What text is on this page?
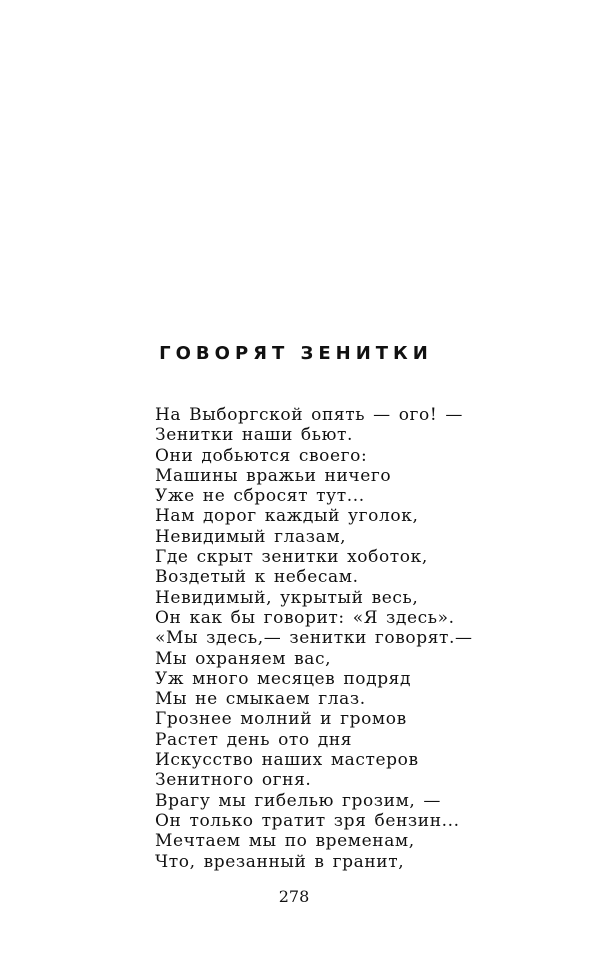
ГОВОРЯТ ЗЕНИТКИ
На Выборгской опять — ого! —
Зенитки наши бьют.
Они добьются своего:
Машины вражьи ничего
Уже не сбросят тут...
Нам дорог каждый уголок,
Невидимый глазам,
Где скрыт зенитки хоботок,
Воздетый к небесам.
Невидимый, укрытый весь,
Он как бы говорит: «Я здесь».
«Мы здесь,— зенитки говорят.—
Мы охраняем вас,
Уж много месяцев подряд
Мы не смыкаем глаз.
Грознее молний и громов
Растет день ото дня
Искусство наших мастеров
Зенитного огня.
Врагу мы гибелью грозим, —
Он только тратит зря бензин...
Мечтаем мы по временам,
Что, врезанный в гранит,
278
